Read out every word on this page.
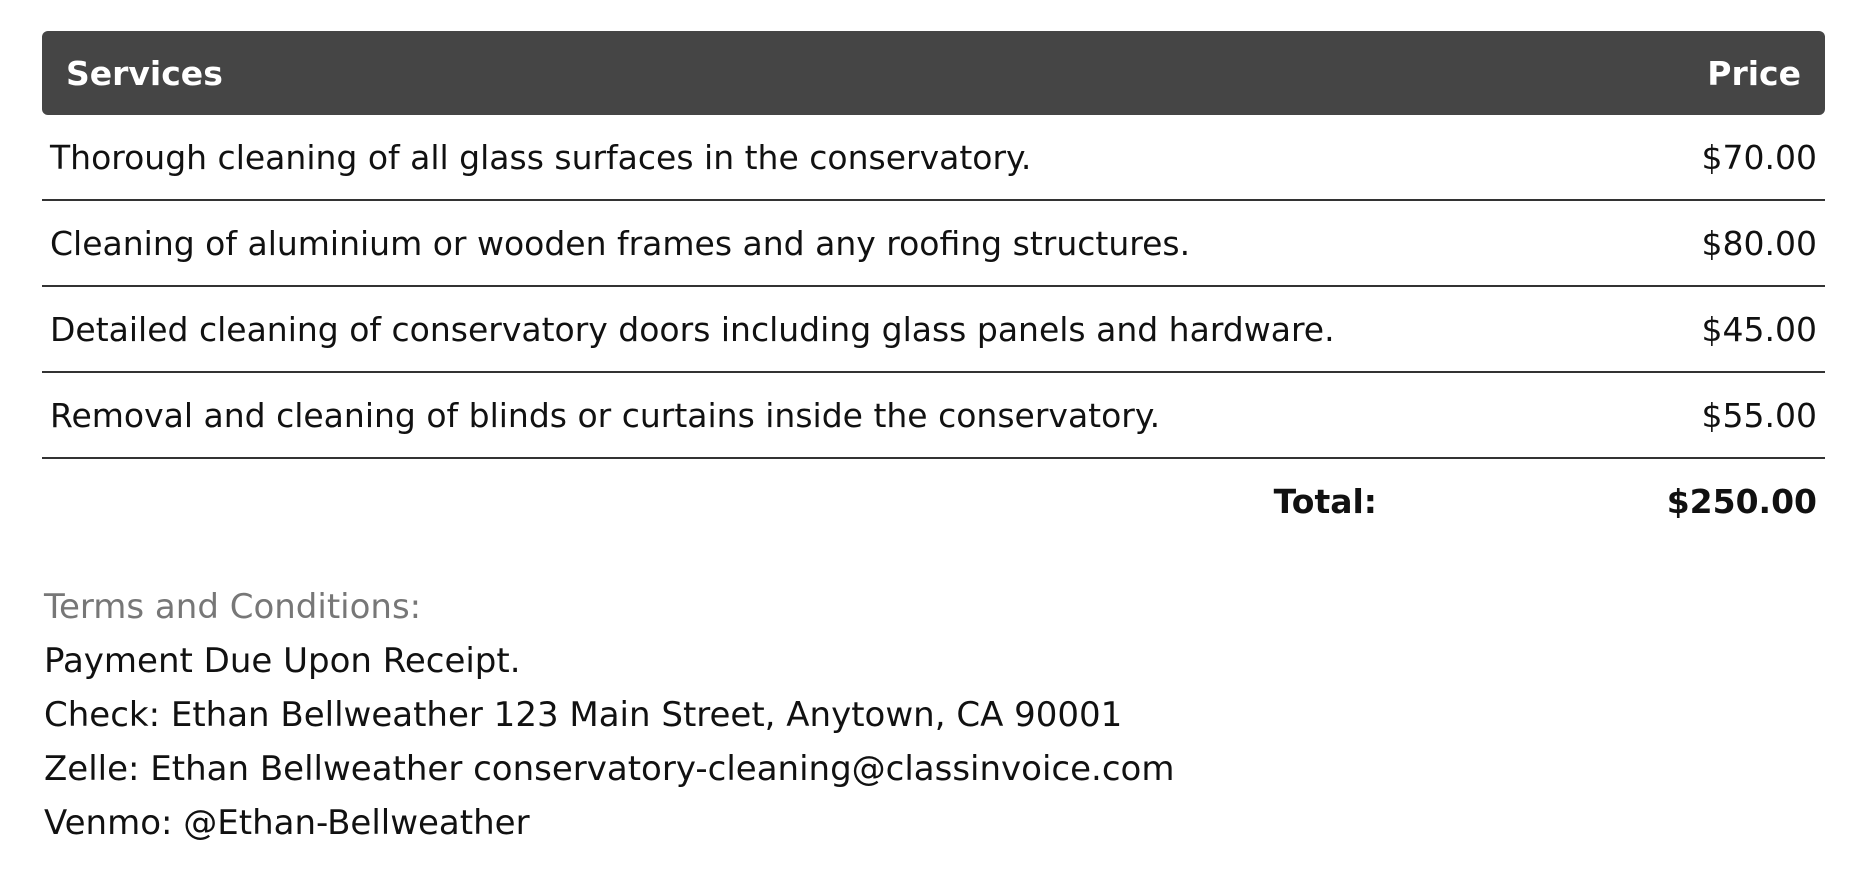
Services	Price
Thorough cleaning of all glass surfaces in the conservatory.	$70.00
Cleaning of aluminium or wooden frames and any roofing structures.	$80.00
Detailed cleaning of conservatory doors including glass panels and hardware.	$45.00
Removal and cleaning of blinds or curtains inside the conservatory.	$55.00
Total:	$250.00
Terms and Conditions:
Payment Due Upon Receipt.
Check: Ethan Bellweather 123 Main Street, Anytown, CA 90001
Zelle: Ethan Bellweather conservatory-cleaning@classinvoice.com
Venmo: @Ethan-Bellweather
